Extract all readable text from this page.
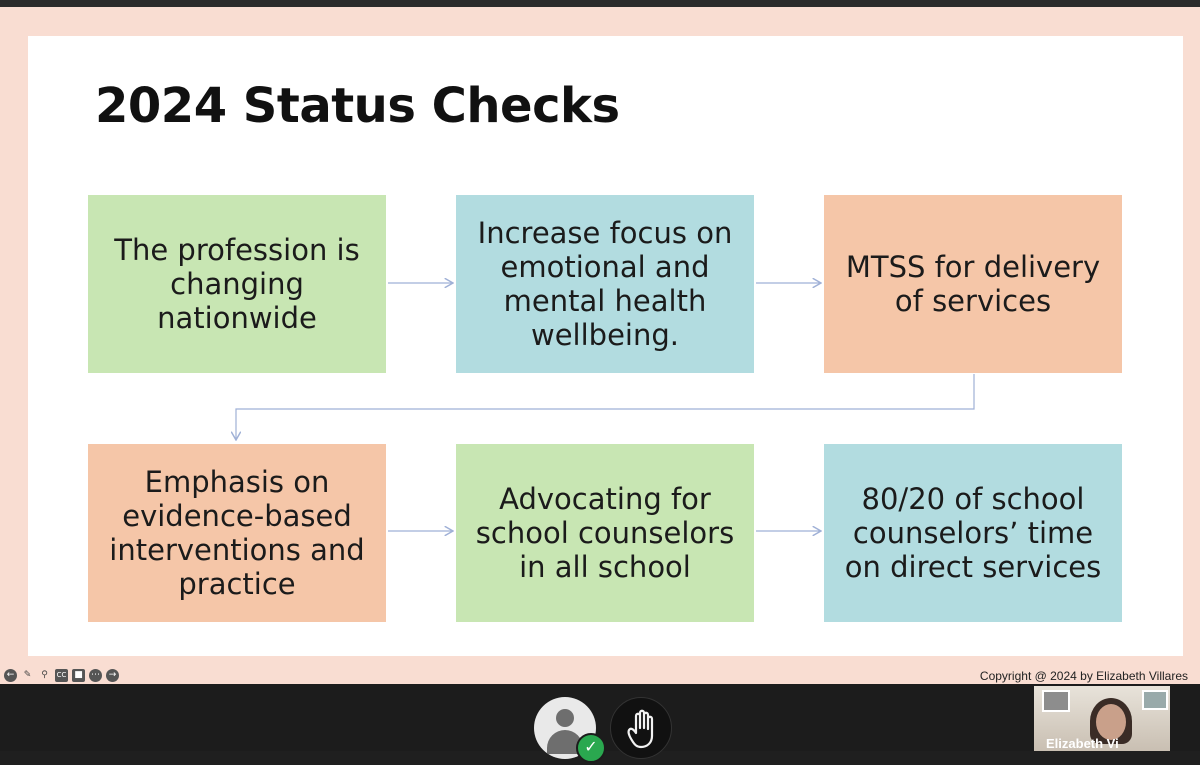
2024 Status Checks
The profession is changing nationwide
Increase focus on emotional and mental health wellbeing.
MTSS for delivery of services
Emphasis on evidence-based interventions and practice
Advocating for school counselors in all school
80/20 of school counselors’ time on direct services
Copyright @ 2024 by Elizabeth Villares
←	✎	⚲	CC ■ ⋯ →
✓	Elizabeth Vi
